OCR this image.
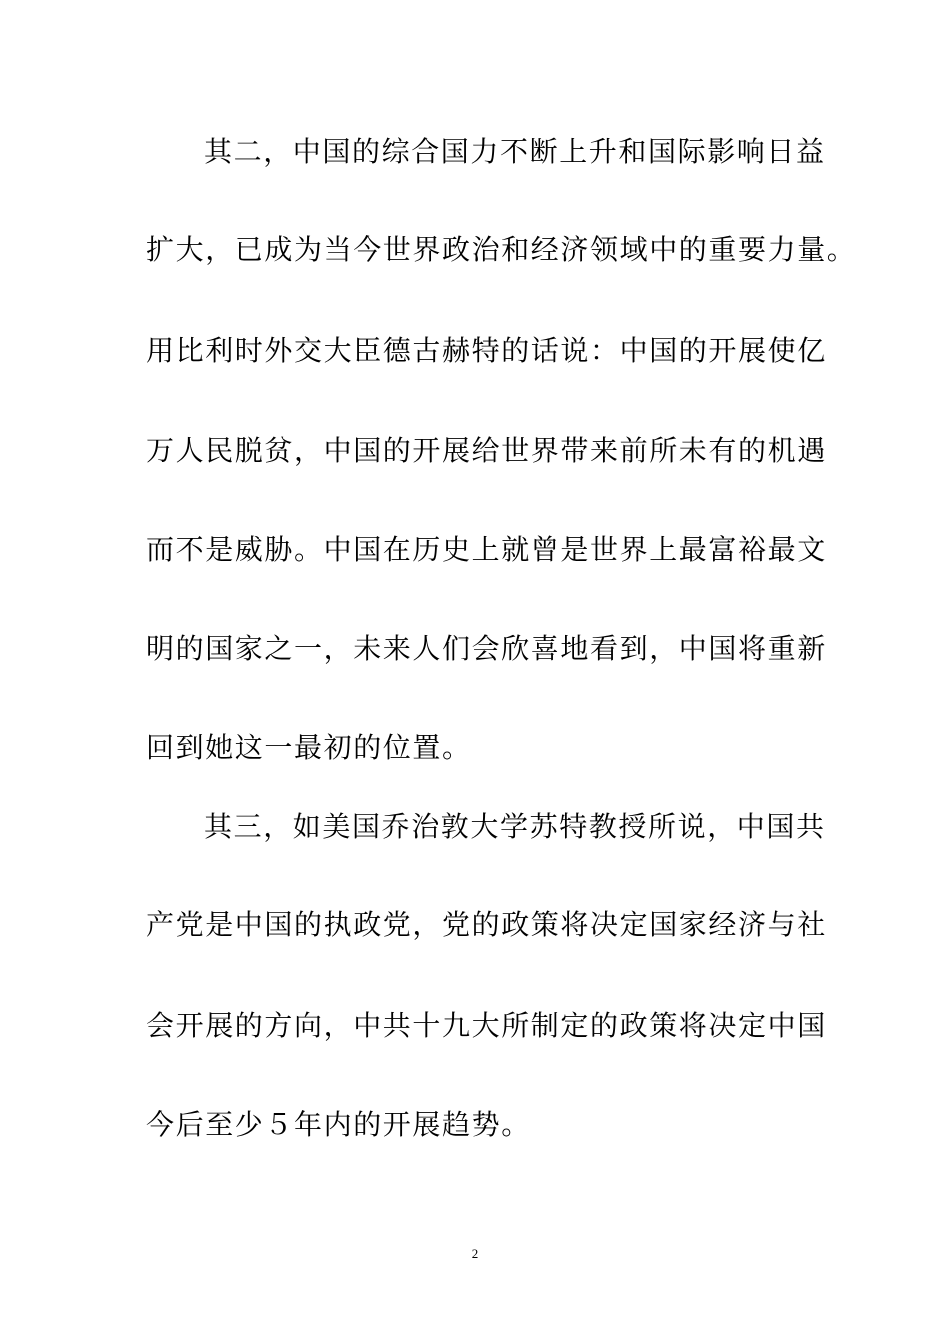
其二，中国的综合国力不断上升和国际影响日益
扩大，已成为当今世界政治和经济领域中的重要力量。
用比利时外交大臣德古赫特的话说：中国的开展使亿
万人民脱贫，中国的开展给世界带来前所未有的机遇
而不是威胁。中国在历史上就曾是世界上最富裕最文
明的国家之一，未来人们会欣喜地看到，中国将重新
回到她这一最初的位置。
其三，如美国乔治敦大学苏特教授所说，中国共
产党是中国的执政党，党的政策将决定国家经济与社
会开展的方向，中共十九大所制定的政策将决定中国
今后至少５年内的开展趋势。
2
